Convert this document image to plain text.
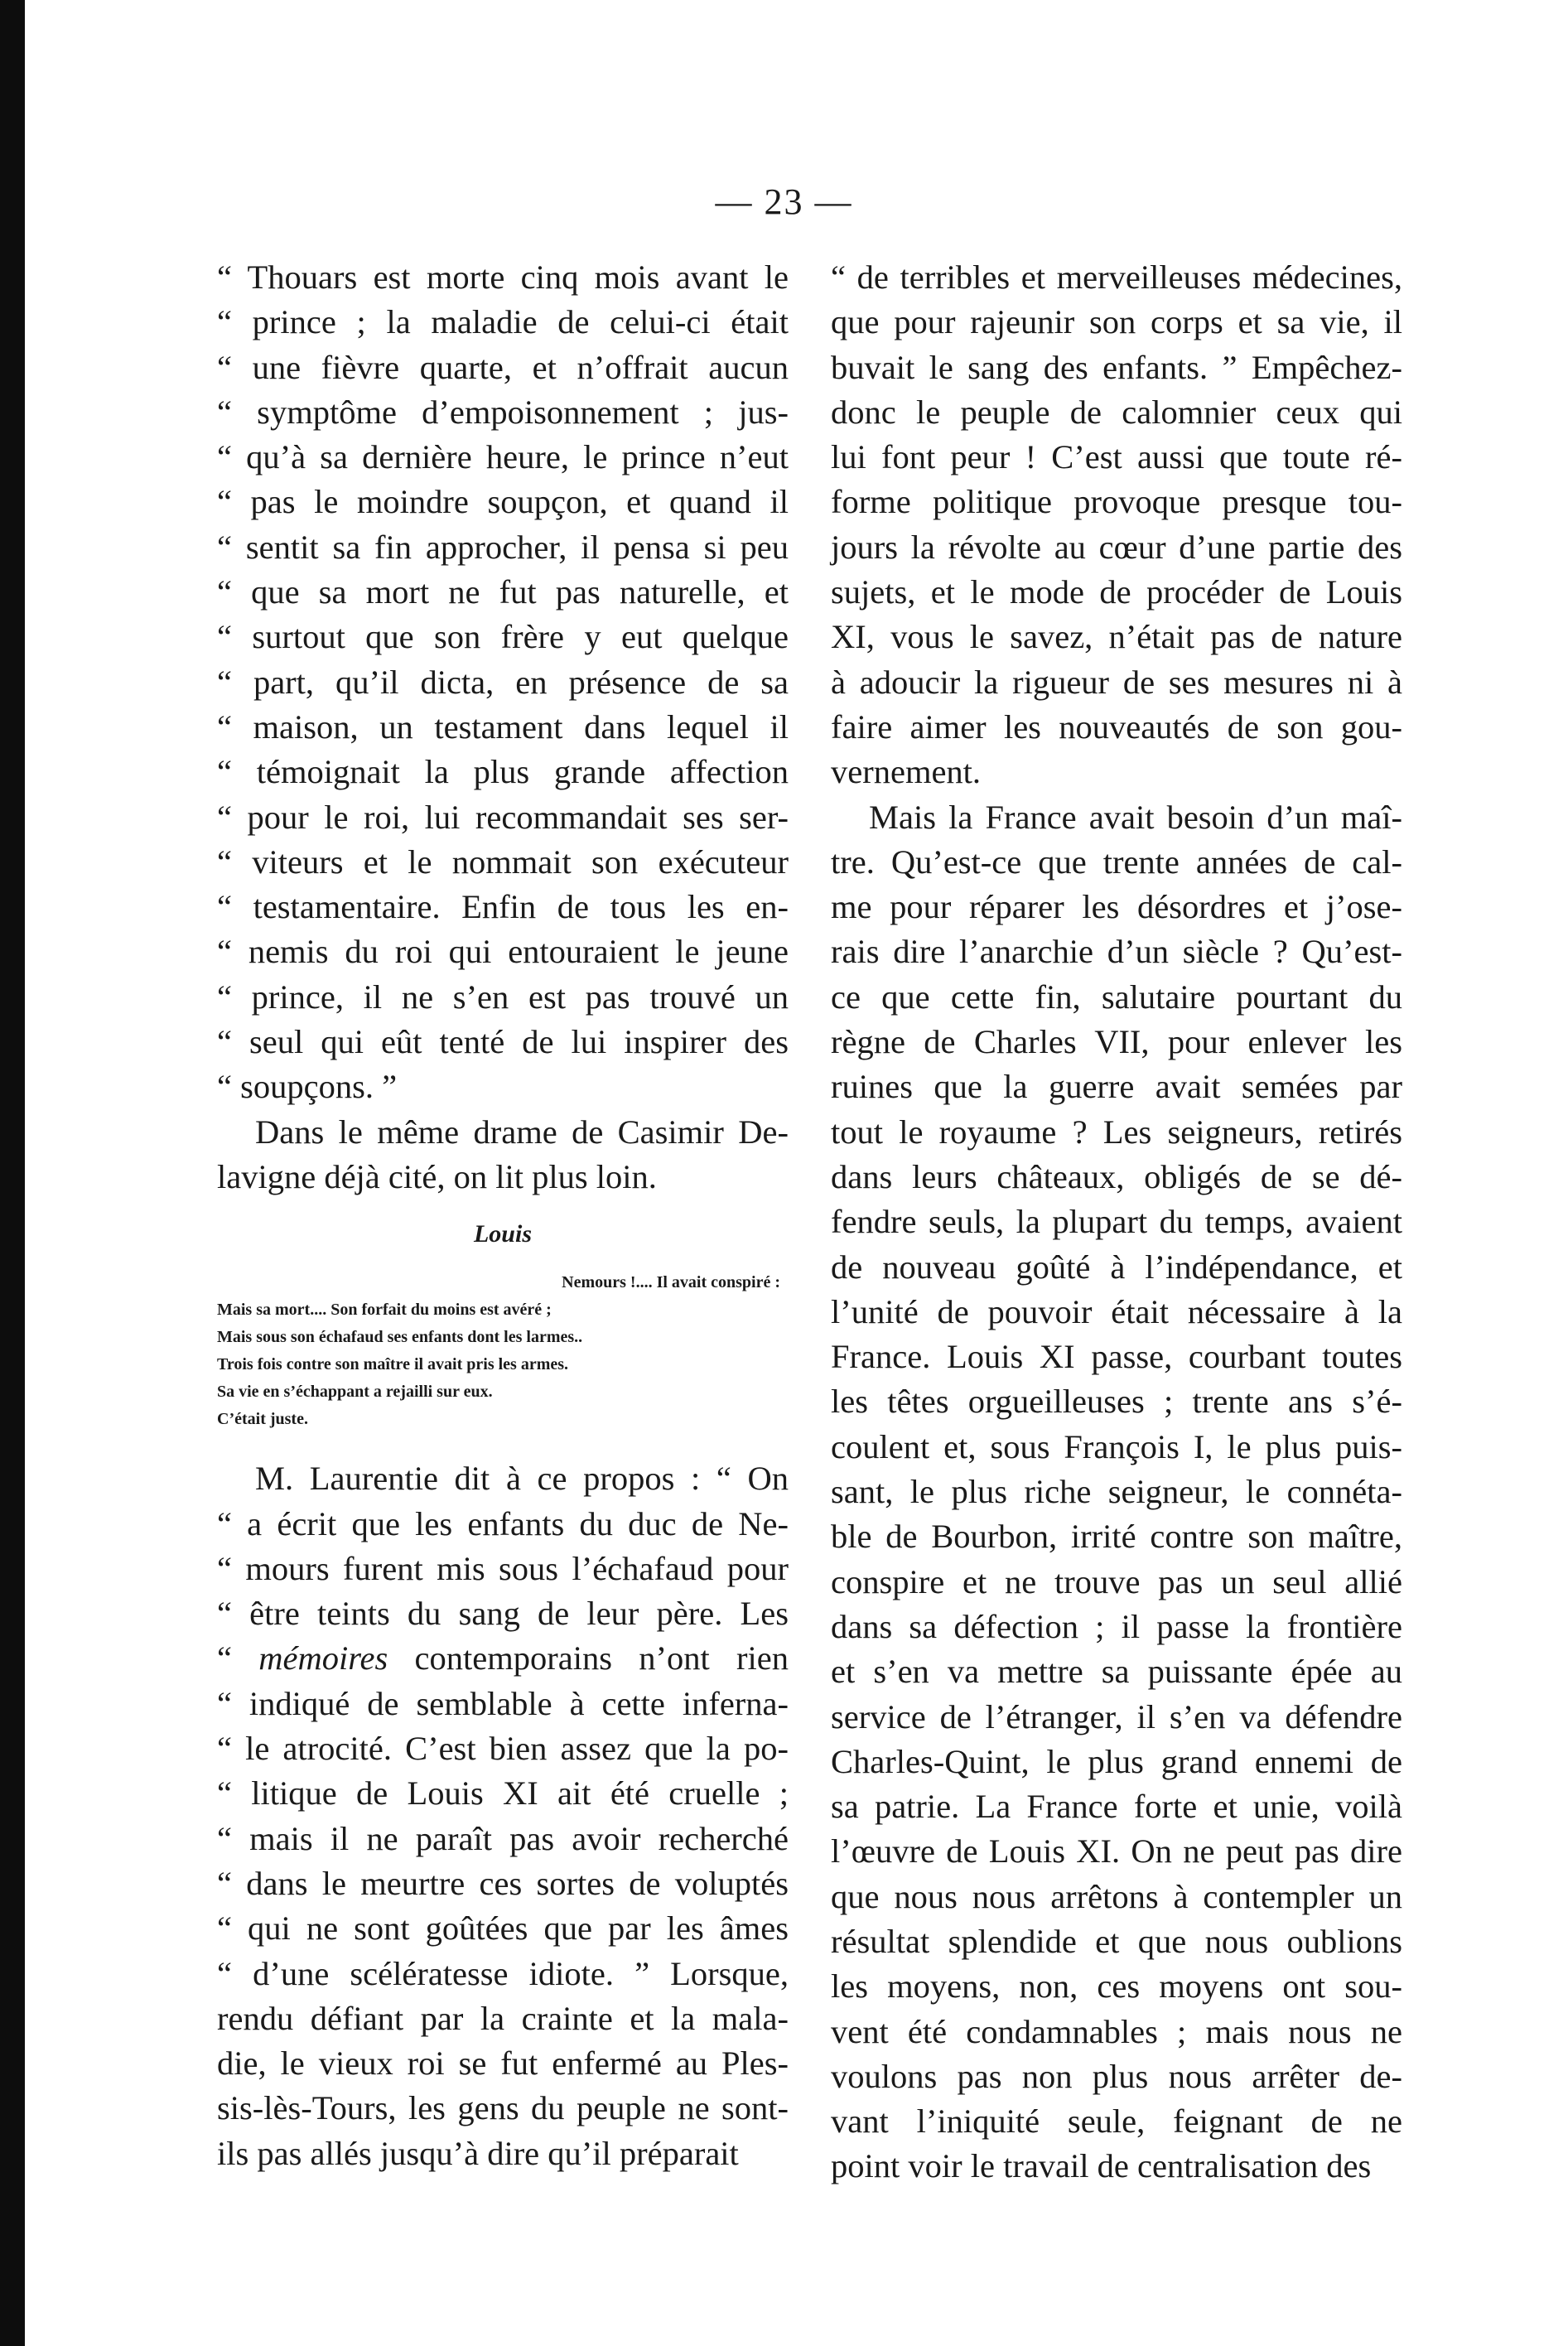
— 23 —
“ Thouars est morte cinq mois avant le
“ prince ; la maladie de celui-ci était
“ une fièvre quarte, et n’offrait aucun
“ symptôme d’empoisonnement ; jus-
“ qu’à sa dernière heure, le prince n’eut
“ pas le moindre soupçon, et quand il
“ sentit sa fin approcher, il pensa si peu
“ que sa mort ne fut pas naturelle, et
“ surtout que son frère y eut quelque
“ part, qu’il dicta, en présence de sa
“ maison, un testament dans lequel il
“ témoignait la plus grande affection
“ pour le roi, lui recommandait ses ser-
“ viteurs et le nommait son exécuteur
“ testamentaire. Enfin de tous les en-
“ nemis du roi qui entouraient le jeune
“ prince, il ne s’en est pas trouvé un
“ seul qui eût tenté de lui inspirer des
“ soupçons. ”
Dans le même drame de Casimir De-
lavigne déjà cité, on lit plus loin.
Louis
Nemours !.... Il avait conspiré :
Mais sa mort.... Son forfait du moins est avéré ;
Mais sous son échafaud ses enfants dont les larmes..
Trois fois contre son maître il avait pris les armes.
Sa vie en s’échappant a rejailli sur eux.
C’était juste.
M. Laurentie dit à ce propos : “ On
“ a écrit que les enfants du duc de Ne-
“ mours furent mis sous l’échafaud pour
“ être teints du sang de leur père. Les
“ mémoires contemporains n’ont rien
“ indiqué de semblable à cette inferna-
“ le atrocité. C’est bien assez que la po-
“ litique de Louis XI ait été cruelle ;
“ mais il ne paraît pas avoir recherché
“ dans le meurtre ces sortes de voluptés
“ qui ne sont goûtées que par les âmes
“ d’une scélératesse idiote. ” Lorsque,
rendu défiant par la crainte et la mala-
die, le vieux roi se fut enfermé au Ples-
sis-lès-Tours, les gens du peuple ne sont-
ils pas allés jusqu’à dire qu’il préparait
“ de terribles et merveilleuses médecines,
que pour rajeunir son corps et sa vie, il
buvait le sang des enfants. ” Empêchez-
donc le peuple de calomnier ceux qui
lui font peur ! C’est aussi que toute ré-
forme politique provoque presque tou-
jours la révolte au cœur d’une partie des
sujets, et le mode de procéder de Louis
XI, vous le savez, n’était pas de nature
à adoucir la rigueur de ses mesures ni à
faire aimer les nouveautés de son gou-
vernement.
Mais la France avait besoin d’un maî-
tre. Qu’est-ce que trente années de cal-
me pour réparer les désordres et j’ose-
rais dire l’anarchie d’un siècle ? Qu’est-
ce que cette fin, salutaire pourtant du
règne de Charles VII, pour enlever les
ruines que la guerre avait semées par
tout le royaume ? Les seigneurs, retirés
dans leurs châteaux, obligés de se dé-
fendre seuls, la plupart du temps, avaient
de nouveau goûté à l’indépendance, et
l’unité de pouvoir était nécessaire à la
France. Louis XI passe, courbant toutes
les têtes orgueilleuses ; trente ans s’é-
coulent et, sous François I, le plus puis-
sant, le plus riche seigneur, le connéta-
ble de Bourbon, irrité contre son maître,
conspire et ne trouve pas un seul allié
dans sa défection ; il passe la frontière
et s’en va mettre sa puissante épée au
service de l’étranger, il s’en va défendre
Charles-Quint, le plus grand ennemi de
sa patrie. La France forte et unie, voilà
l’œuvre de Louis XI. On ne peut pas dire
que nous nous arrêtons à contempler un
résultat splendide et que nous oublions
les moyens, non, ces moyens ont sou-
vent été condamnables ; mais nous ne
voulons pas non plus nous arrêter de-
vant l’iniquité seule, feignant de ne
point voir le travail de centralisation des
